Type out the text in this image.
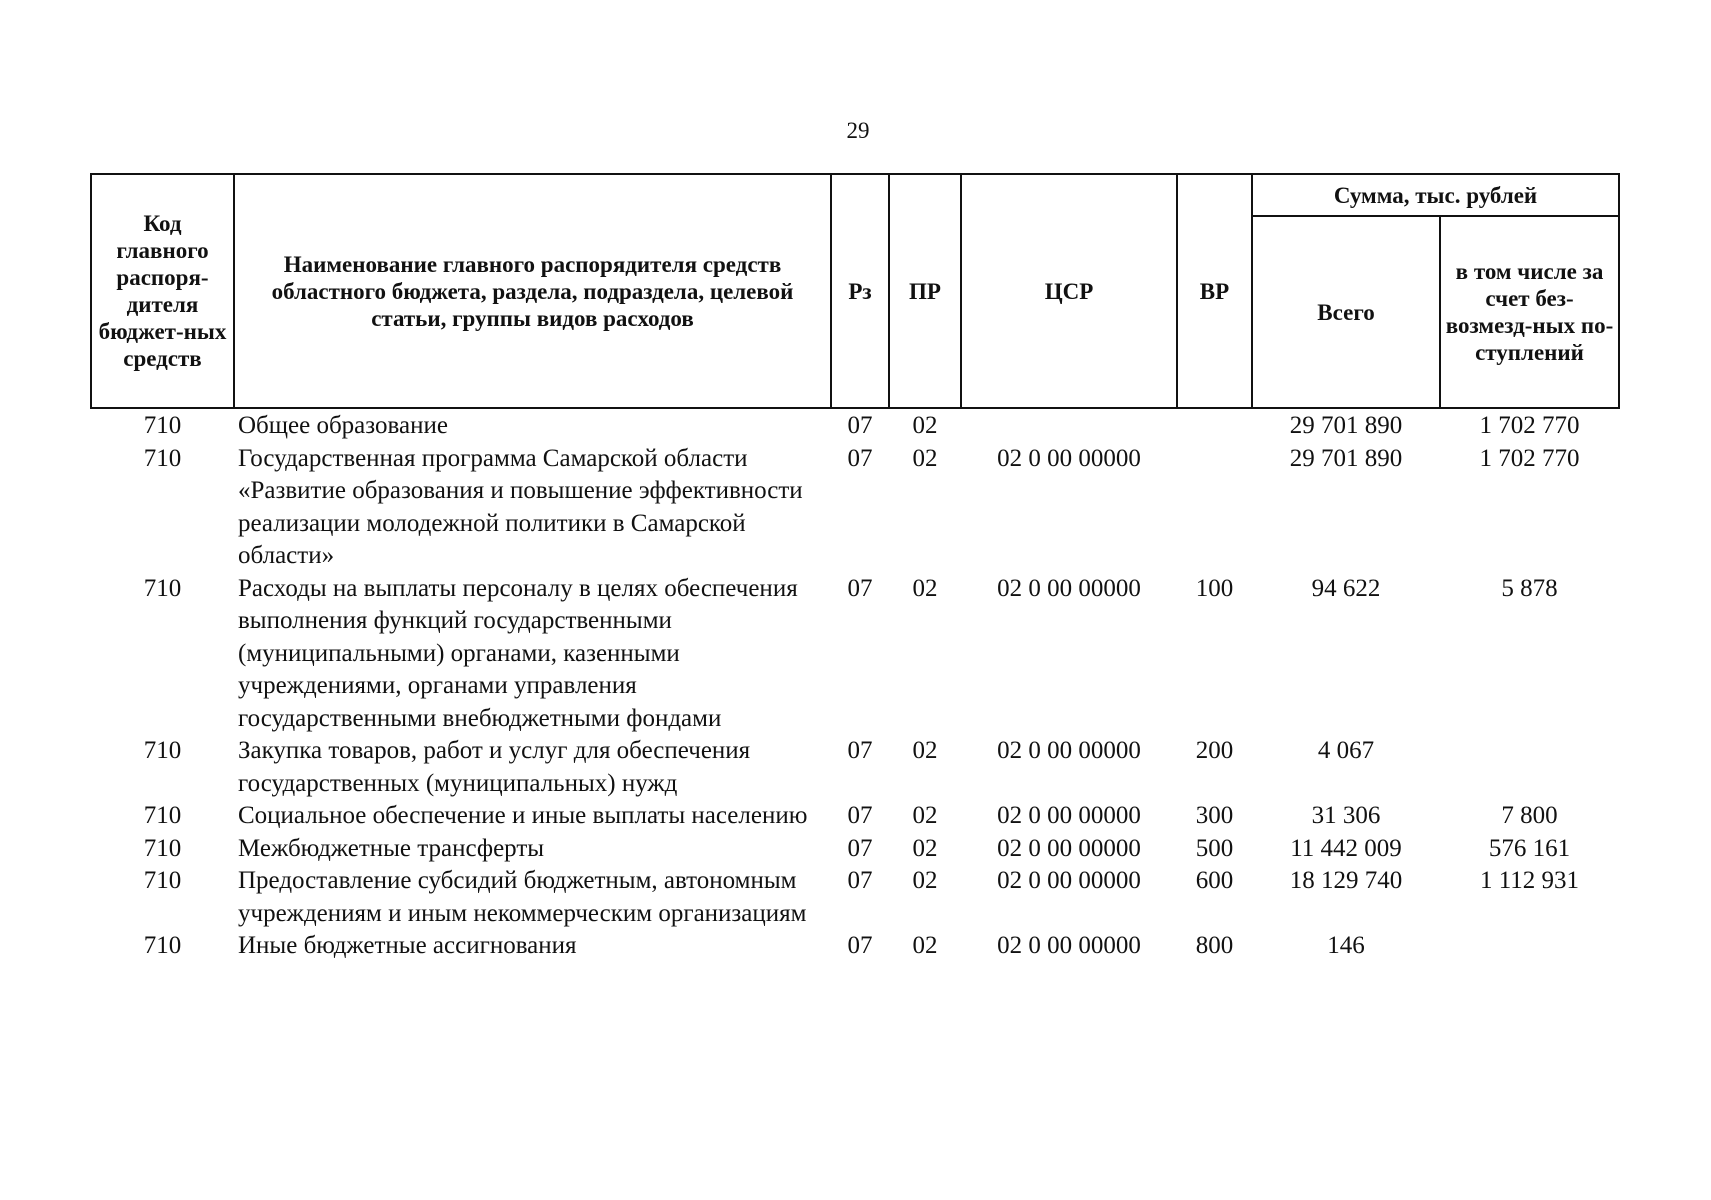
29
Код главного распоря-дителя бюджет-ных средств	Наименование главного распорядителя средств областного бюджета, раздела, подраздела, целевой статьи, группы видов расходов	Рз	ПР	ЦСР	ВР	Сумма, тыс. рублей	
						Всего	в том числе за счет без-возмезд-ных по-ступлений
710	Общее образование	07	02			29 701 890	1 702 770
710	Государственная программа Самарской области «Развитие образования и повышение эффективности реализации молодежной политики в Самарской области»	07	02	02 0 00 00000		29 701 890	1 702 770
710	Расходы на выплаты персоналу в целях обеспечения выполнения функций государственными (муниципальными) органами, казенными учреждениями, органами управления государственными внебюджетными фондами	07	02	02 0 00 00000	100	94 622	5 878
710	Закупка товаров, работ и услуг для обеспечения государственных (муниципальных) нужд	07	02	02 0 00 00000	200	4 067	
710	Социальное обеспечение и иные выплаты населению	07	02	02 0 00 00000	300	31 306	7 800
710	Межбюджетные трансферты	07	02	02 0 00 00000	500	11 442 009	576 161
710	Предоставление субсидий бюджетным, автономным учреждениям и иным некоммерческим организациям	07	02	02 0 00 00000	600	18 129 740	1 112 931
710	Иные бюджетные ассигнования	07	02	02 0 00 00000	800	146	
